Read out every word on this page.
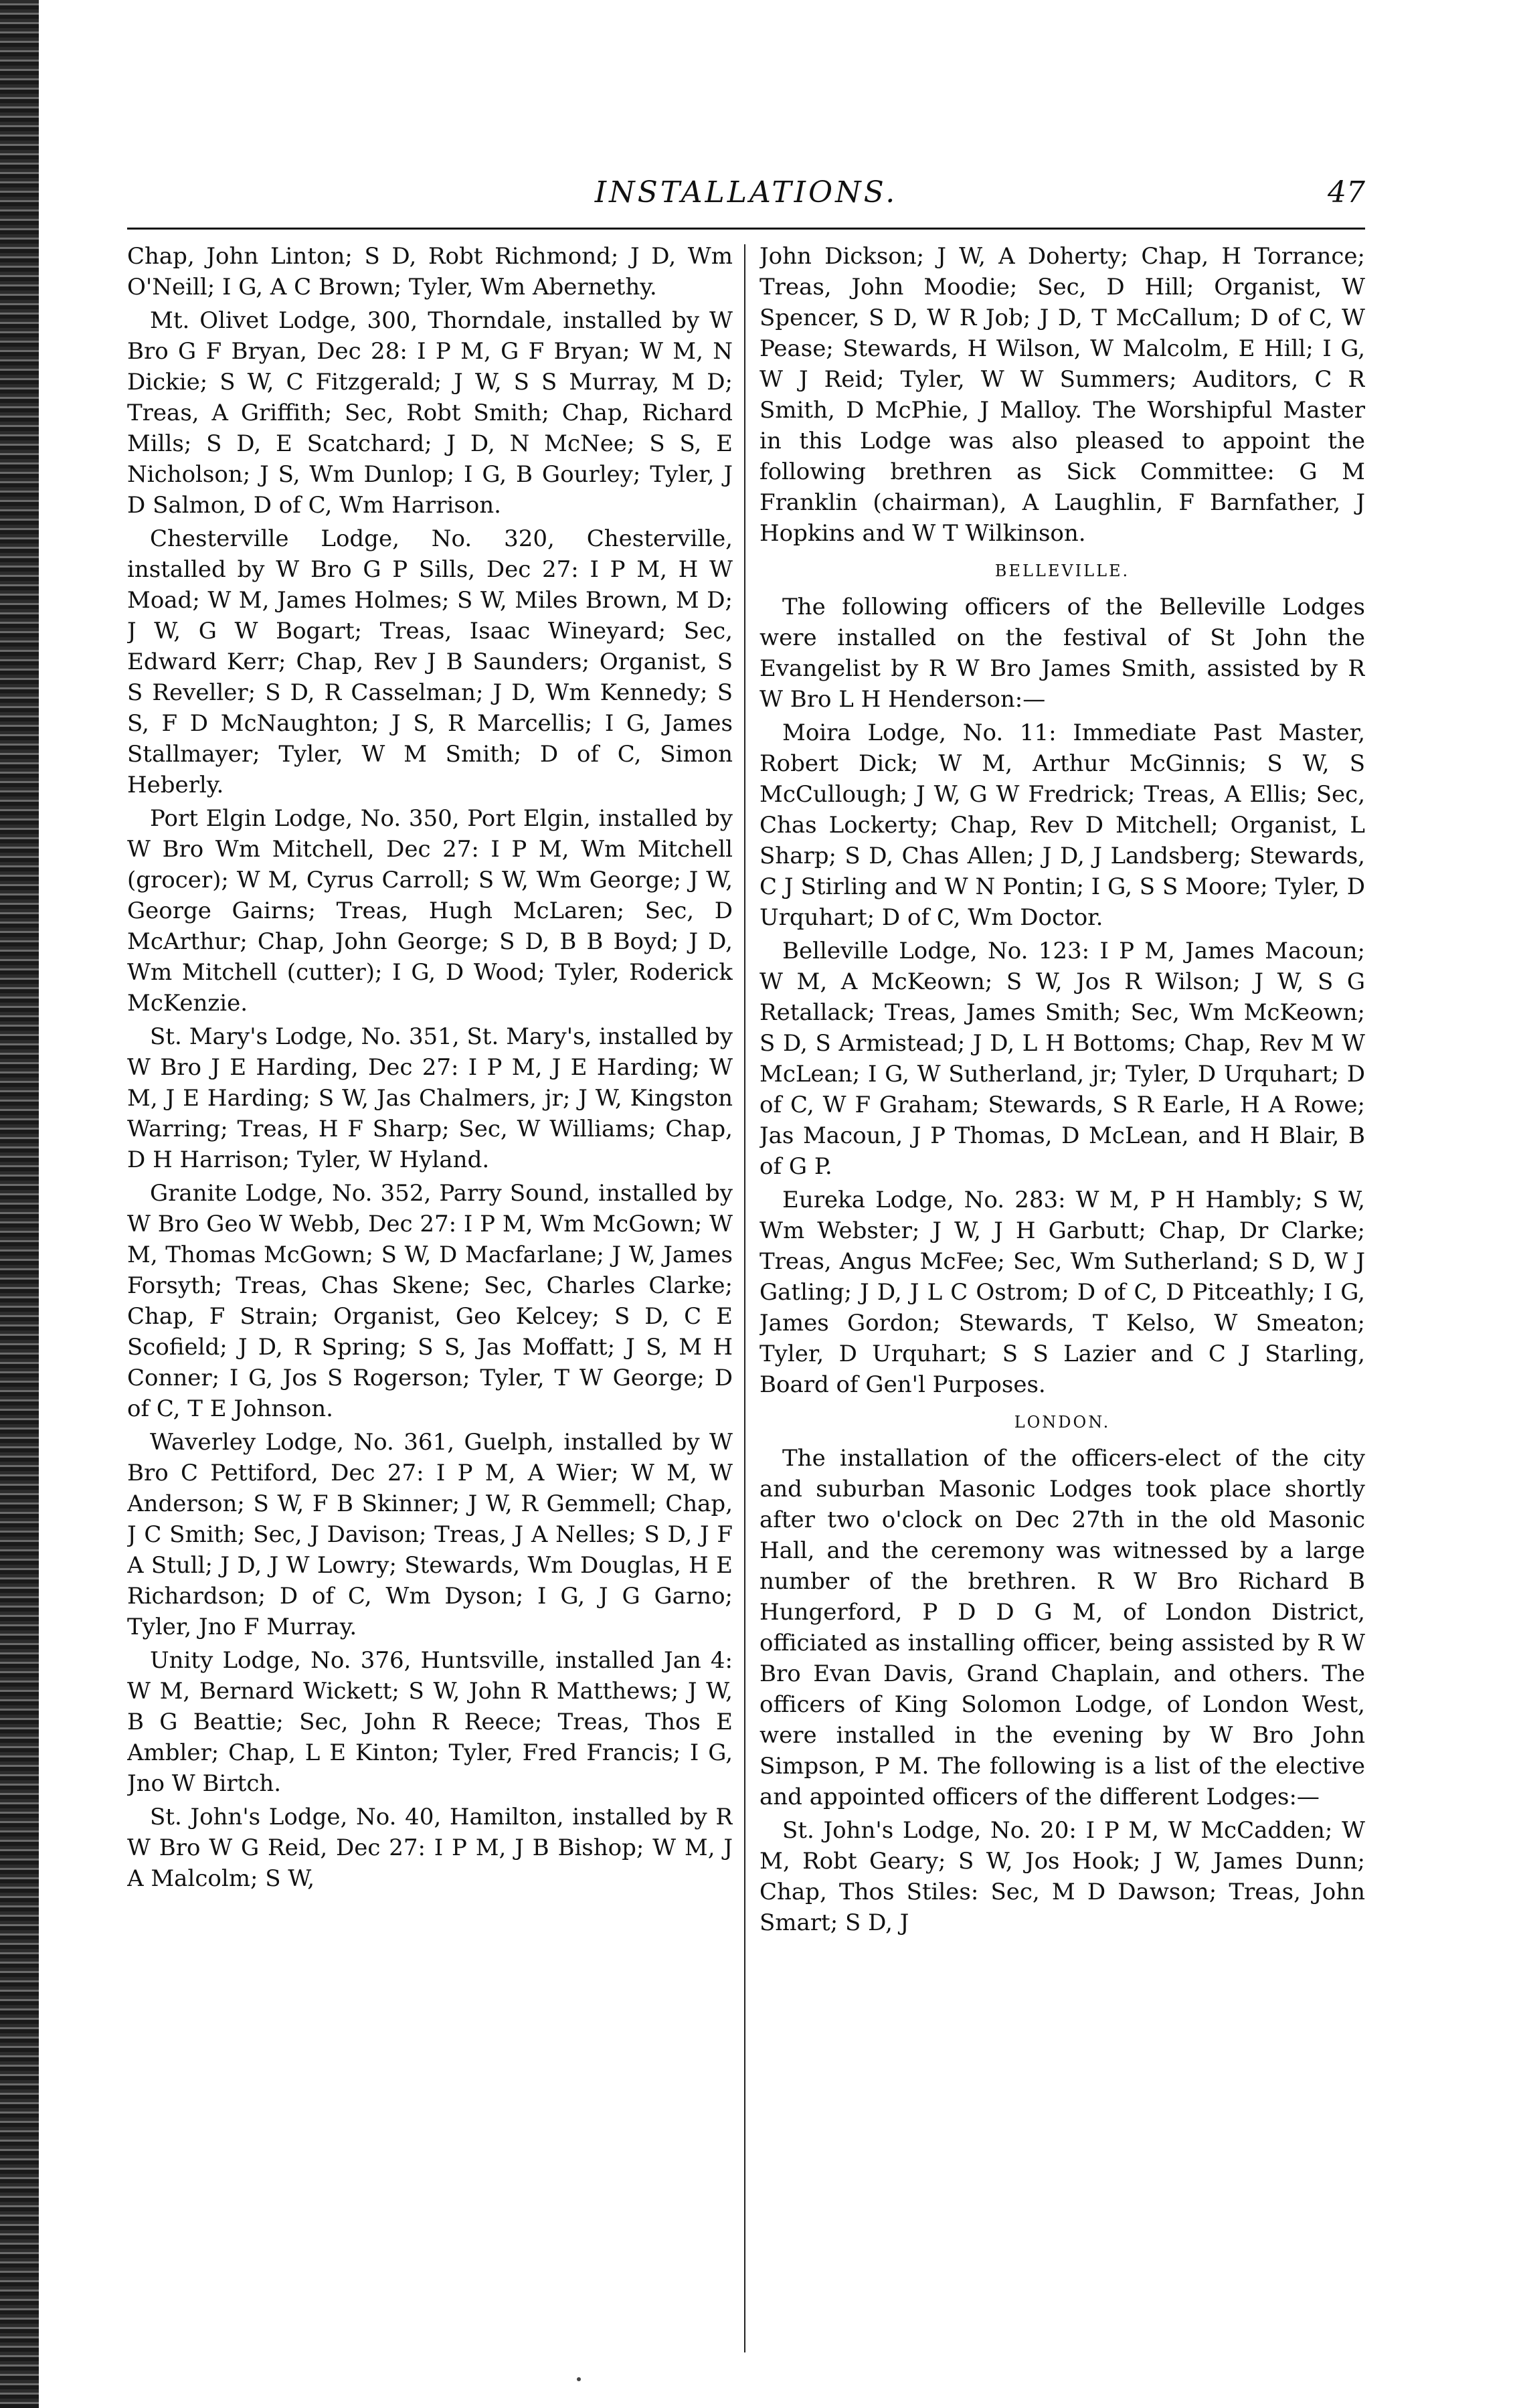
INSTALLATIONS.	47

Chap, John Linton; S D, Robt Richmond; J D, Wm O'Neill; I G, A C Brown; Tyler, Wm Abernethy.

Mt. Olivet Lodge, 300, Thorndale, installed by W Bro G F Bryan, Dec 28: I P M, G F Bryan; W M, N Dickie; S W, C Fitzgerald; J W, S S Murray, M D; Treas, A Griffith; Sec, Robt Smith; Chap, Richard Mills; S D, E Scatchard; J D, N McNee; S S, E Nicholson; J S, Wm Dunlop; I G, B Gourley; Tyler, J D Salmon, D of C, Wm Harrison.

Chesterville Lodge, No. 320, Chesterville, installed by W Bro G P Sills, Dec 27: I P M, H W Moad; W M, James Holmes; S W, Miles Brown, M D; J W, G W Bogart; Treas, Isaac Wineyard; Sec, Edward Kerr; Chap, Rev J B Saunders; Organist, S S Reveller; S D, R Casselman; J D, Wm Kennedy; S S, F D McNaughton; J S, R Marcellis; I G, James Stallmayer; Tyler, W M Smith; D of C, Simon Heberly.

Port Elgin Lodge, No. 350, Port Elgin, installed by W Bro Wm Mitchell, Dec 27: I P M, Wm Mitchell (grocer); W M, Cyrus Carroll; S W, Wm George; J W, George Gairns; Treas, Hugh McLaren; Sec, D McArthur; Chap, John George; S D, B B Boyd; J D, Wm Mitchell (cutter); I G, D Wood; Tyler, Roderick McKenzie.

St. Mary's Lodge, No. 351, St. Mary's, installed by W Bro J E Harding, Dec 27: I P M, J E Harding; W M, J E Harding; S W, Jas Chalmers, jr; J W, Kingston Warring; Treas, H F Sharp; Sec, W Williams; Chap, D H Harrison; Tyler, W Hyland.

Granite Lodge, No. 352, Parry Sound, installed by W Bro Geo W Webb, Dec 27: I P M, Wm McGown; W M, Thomas McGown; S W, D Macfarlane; J W, James Forsyth; Treas, Chas Skene; Sec, Charles Clarke; Chap, F Strain; Organist, Geo Kelcey; S D, C E Scofield; J D, R Spring; S S, Jas Moffatt; J S, M H Conner; I G, Jos S Rogerson; Tyler, T W George; D of C, T E Johnson.

Waverley Lodge, No. 361, Guelph, installed by W Bro C Pettiford, Dec 27: I P M, A Wier; W M, W Anderson; S W, F B Skinner; J W, R Gemmell; Chap, J C Smith; Sec, J Davison; Treas, J A Nelles; S D, J F A Stull; J D, J W Lowry; Stewards, Wm Douglas, H E Richardson; D of C, Wm Dyson; I G, J G Garno; Tyler, Jno F Murray.

Unity Lodge, No. 376, Huntsville, installed Jan 4: W M, Bernard Wickett; S W, John R Matthews; J W, B G Beattie; Sec, John R Reece; Treas, Thos E Ambler; Chap, L E Kinton; Tyler, Fred Francis; I G, Jno W Birtch.

St. John's Lodge, No. 40, Hamilton, installed by R W Bro W G Reid, Dec 27: I P M, J B Bishop; W M, J A Malcolm; S W,

John Dickson; J W, A Doherty; Chap, H Torrance; Treas, John Moodie; Sec, D Hill; Organist, W Spencer, S D, W R Job; J D, T McCallum; D of C, W Pease; Stewards, H Wilson, W Malcolm, E Hill; I G, W J Reid; Tyler, W W Summers; Auditors, C R Smith, D McPhie, J Malloy. The Worshipful Master in this Lodge was also pleased to appoint the following brethren as Sick Committee: G M Franklin (chairman), A Laughlin, F Barnfather, J Hopkins and W T Wilkinson.

BELLEVILLE.

The following officers of the Belleville Lodges were installed on the festival of St John the Evangelist by R W Bro James Smith, assisted by R W Bro L H Henderson:—

Moira Lodge, No. 11: Immediate Past Master, Robert Dick; W M, Arthur McGinnis; S W, S McCullough; J W, G W Fredrick; Treas, A Ellis; Sec, Chas Lockerty; Chap, Rev D Mitchell; Organist, L Sharp; S D, Chas Allen; J D, J Landsberg; Stewards, C J Stirling and W N Pontin; I G, S S Moore; Tyler, D Urquhart; D of C, Wm Doctor.

Belleville Lodge, No. 123: I P M, James Macoun; W M, A McKeown; S W, Jos R Wilson; J W, S G Retallack; Treas, James Smith; Sec, Wm McKeown; S D, S Armistead; J D, L H Bottoms; Chap, Rev M W McLean; I G, W Sutherland, jr; Tyler, D Urquhart; D of C, W F Graham; Stewards, S R Earle, H A Rowe; Jas Macoun, J P Thomas, D McLean, and H Blair, B of G P.

Eureka Lodge, No. 283: W M, P H Hambly; S W, Wm Webster; J W, J H Garbutt; Chap, Dr Clarke; Treas, Angus McFee; Sec, Wm Sutherland; S D, W J Gatling; J D, J L C Ostrom; D of C, D Pitceathly; I G, James Gordon; Stewards, T Kelso, W Smeaton; Tyler, D Urquhart; S S Lazier and C J Starling, Board of Gen'l Purposes.

LONDON.

The installation of the officers-elect of the city and suburban Masonic Lodges took place shortly after two o'clock on Dec 27th in the old Masonic Hall, and the ceremony was witnessed by a large number of the brethren. R W Bro Richard B Hungerford, P D D G M, of London District, officiated as installing officer, being assisted by R W Bro Evan Davis, Grand Chaplain, and others. The officers of King Solomon Lodge, of London West, were installed in the evening by W Bro John Simpson, P M. The following is a list of the elective and appointed officers of the different Lodges:—

St. John's Lodge, No. 20: I P M, W McCadden; W M, Robt Geary; S W, Jos Hook; J W, James Dunn; Chap, Thos Stiles: Sec, M D Dawson; Treas, John Smart; S D, J
